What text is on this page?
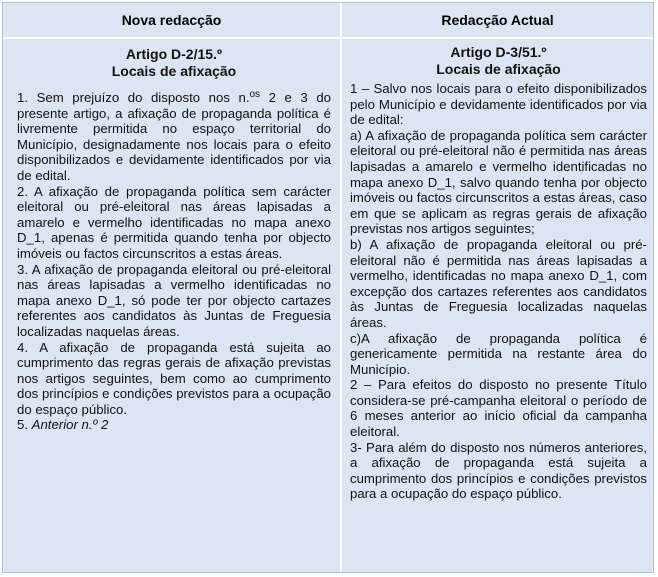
Nova redacção	Redacção Actual
Artigo D-2/15.º
Locais de afixação

1. Sem prejuízo do disposto nos n.$^{os}$ 2 e 3 do presente artigo, a afixação de propaganda política é livremente permitida no espaço territorial do Município, designadamente nos locais para o efeito disponibilizados e devidamente identificados por via de edital.

2. A afixação de propaganda política sem carácter eleitoral ou pré-eleitoral nas áreas lapisadas a amarelo e vermelho identificadas no mapa anexo D_1, apenas é permitida quando tenha por objecto imóveis ou factos circunscritos a estas áreas.

3. A afixação de propaganda eleitoral ou pré-eleitoral nas áreas lapisadas a vermelho identificadas no mapa anexo D_1, só pode ter por objecto cartazes referentes aos candidatos às Juntas de Freguesia localizadas naquelas áreas.

4. A afixação de propaganda está sujeita ao cumprimento das regras gerais de afixação previstas nos artigos seguintes, bem como ao cumprimento dos princípios e condições previstos para a ocupação do espaço público.

5. Anterior n.º 2

Artigo D-3/51.º
Locais de afixação

1 – Salvo nos locais para o efeito disponibilizados pelo Município e devidamente identificados por via de edital:

a) A afixação de propaganda política sem carácter eleitoral ou pré-eleitoral não é permitida nas áreas lapisadas a amarelo e vermelho identificadas no mapa anexo D_1, salvo quando tenha por objecto imóveis ou factos circunscritos a estas áreas, caso em que se aplicam as regras gerais de afixação previstas nos artigos seguintes;

b) A afixação de propaganda eleitoral ou pré-eleitoral não é permitida nas áreas lapisadas a vermelho, identificadas no mapa anexo D_1, com excepção dos cartazes referentes aos candidatos às Juntas de Freguesia localizadas naquelas áreas.

c)A afixação de propaganda política é genericamente permitida na restante área do Município.

2 – Para efeitos do disposto no presente Título considera-se pré-campanha eleitoral o período de 6 meses anterior ao início oficial da campanha eleitoral.

3- Para além do disposto nos números anteriores, a afixação de propaganda está sujeita a cumprimento dos princípios e condições previstos para a ocupação do espaço público.
